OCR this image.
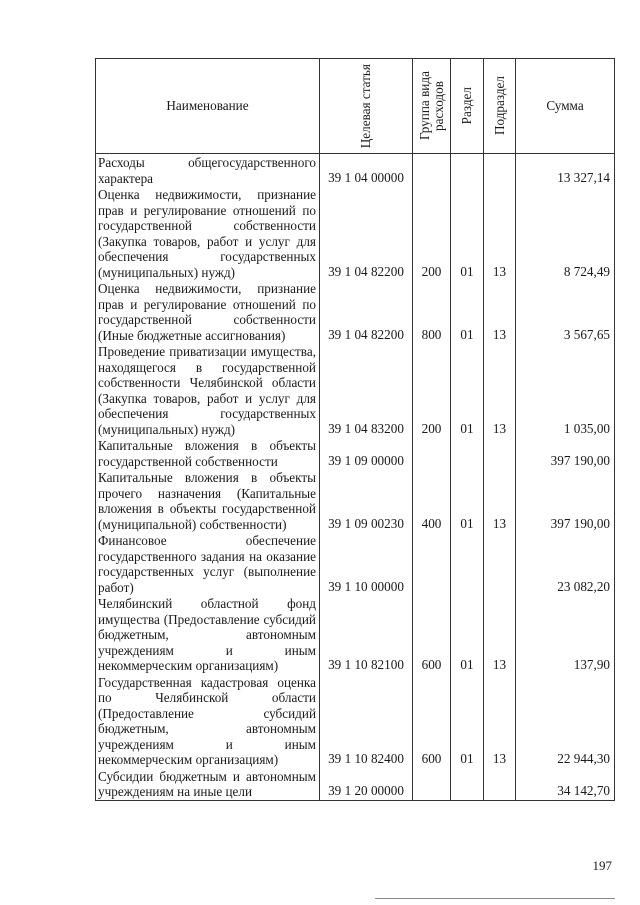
Наименование	Целевая статья	Группа вида расходов	Раздел	Подраздел	Сумма
Расходы общегосударственного характера	39 1 04 00000				13 327,14
Оценка недвижимости, признание прав и регулирование отношений по государственной собственности (Закупка товаров, работ и услуг для обеспечения государственных (муниципальных) нужд)	39 1 04 82200	200	01	13	8 724,49
Оценка недвижимости, признание прав и регулирование отношений по государственной собственности (Иные бюджетные ассигнования)	39 1 04 82200	800	01	13	3 567,65
Проведение приватизации имущества, находящегося в государственной собственности Челябинской области (Закупка товаров, работ и услуг для обеспечения государственных (муниципальных) нужд)	39 1 04 83200	200	01	13	1 035,00
Капитальные вложения в объекты государственной собственности	39 1 09 00000				397 190,00
Капитальные вложения в объекты прочего назначения (Капитальные вложения в объекты государственной (муниципальной) собственности)	39 1 09 00230	400	01	13	397 190,00
Финансовое обеспечение государственного задания на оказание государственных услуг (выполнение работ)	39 1 10 00000				23 082,20
Челябинский областной фонд имущества (Предоставление субсидий бюджетным, автономным учреждениям и иным некоммерческим организациям)	39 1 10 82100	600	01	13	137,90
Государственная кадастровая оценка по Челябинской области (Предоставление субсидий бюджетным, автономным учреждениям и иным некоммерческим организациям)	39 1 10 82400	600	01	13	22 944,30
Субсидии бюджетным и автономным учреждениям на иные цели	39 1 20 00000				34 142,70
197
